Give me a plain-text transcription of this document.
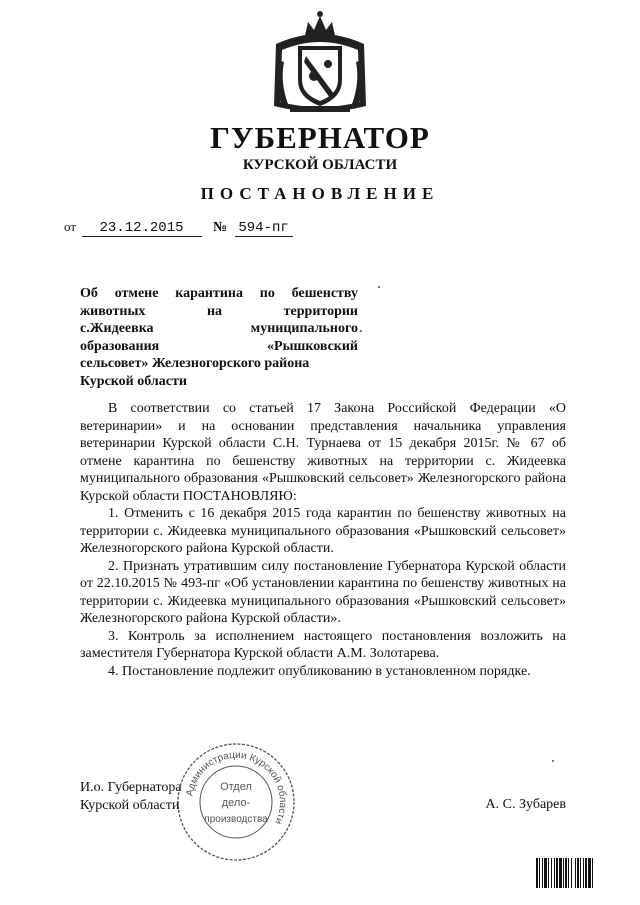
ГУБЕРНАТОР
КУРСКОЙ ОБЛАСТИ
ПОСТАНОВЛЕНИЕ
от 23.12.2015 № 594-пг
Об отмене карантина по бешенству
животных на территории
с.Жидеевка муниципального
образования «Рышковский
сельсовет» Железногорского района
Курской области

В соответствии со статьей 17 Закона Российской Федерации «О ветеринарии» и на основании представления начальника управления ветеринарии Курской области С.Н. Турнаева от 15 декабря 2015г. № 67 об отмене карантина по бешенству животных на территории с. Жидеевка муниципального образования «Рышковский сельсовет» Железногорского района Курской области ПОСТАНОВЛЯЮ:

1. Отменить с 16 декабря 2015 года карантин по бешенству животных на территории с. Жидеевка муниципального образования «Рышковский сельсовет» Железногорского района Курской области.

2. Признать утратившим силу постановление Губернатора Курской области от 22.10.2015 № 493-пг «Об установлении карантина по бешенству животных на территории с. Жидеевка муниципального образования «Рышковский сельсовет» Железногорского района Курской области».

3. Контроль за исполнением настоящего постановления возложить на заместителя Губернатора Курской области А.М. Золотарева.

4. Постановление подлежит опубликованию в установленном порядке.

Администрации Курской области
Отдел
дело-
производства
И.о. Губернатора
Курской области	А. С. Зубарев
